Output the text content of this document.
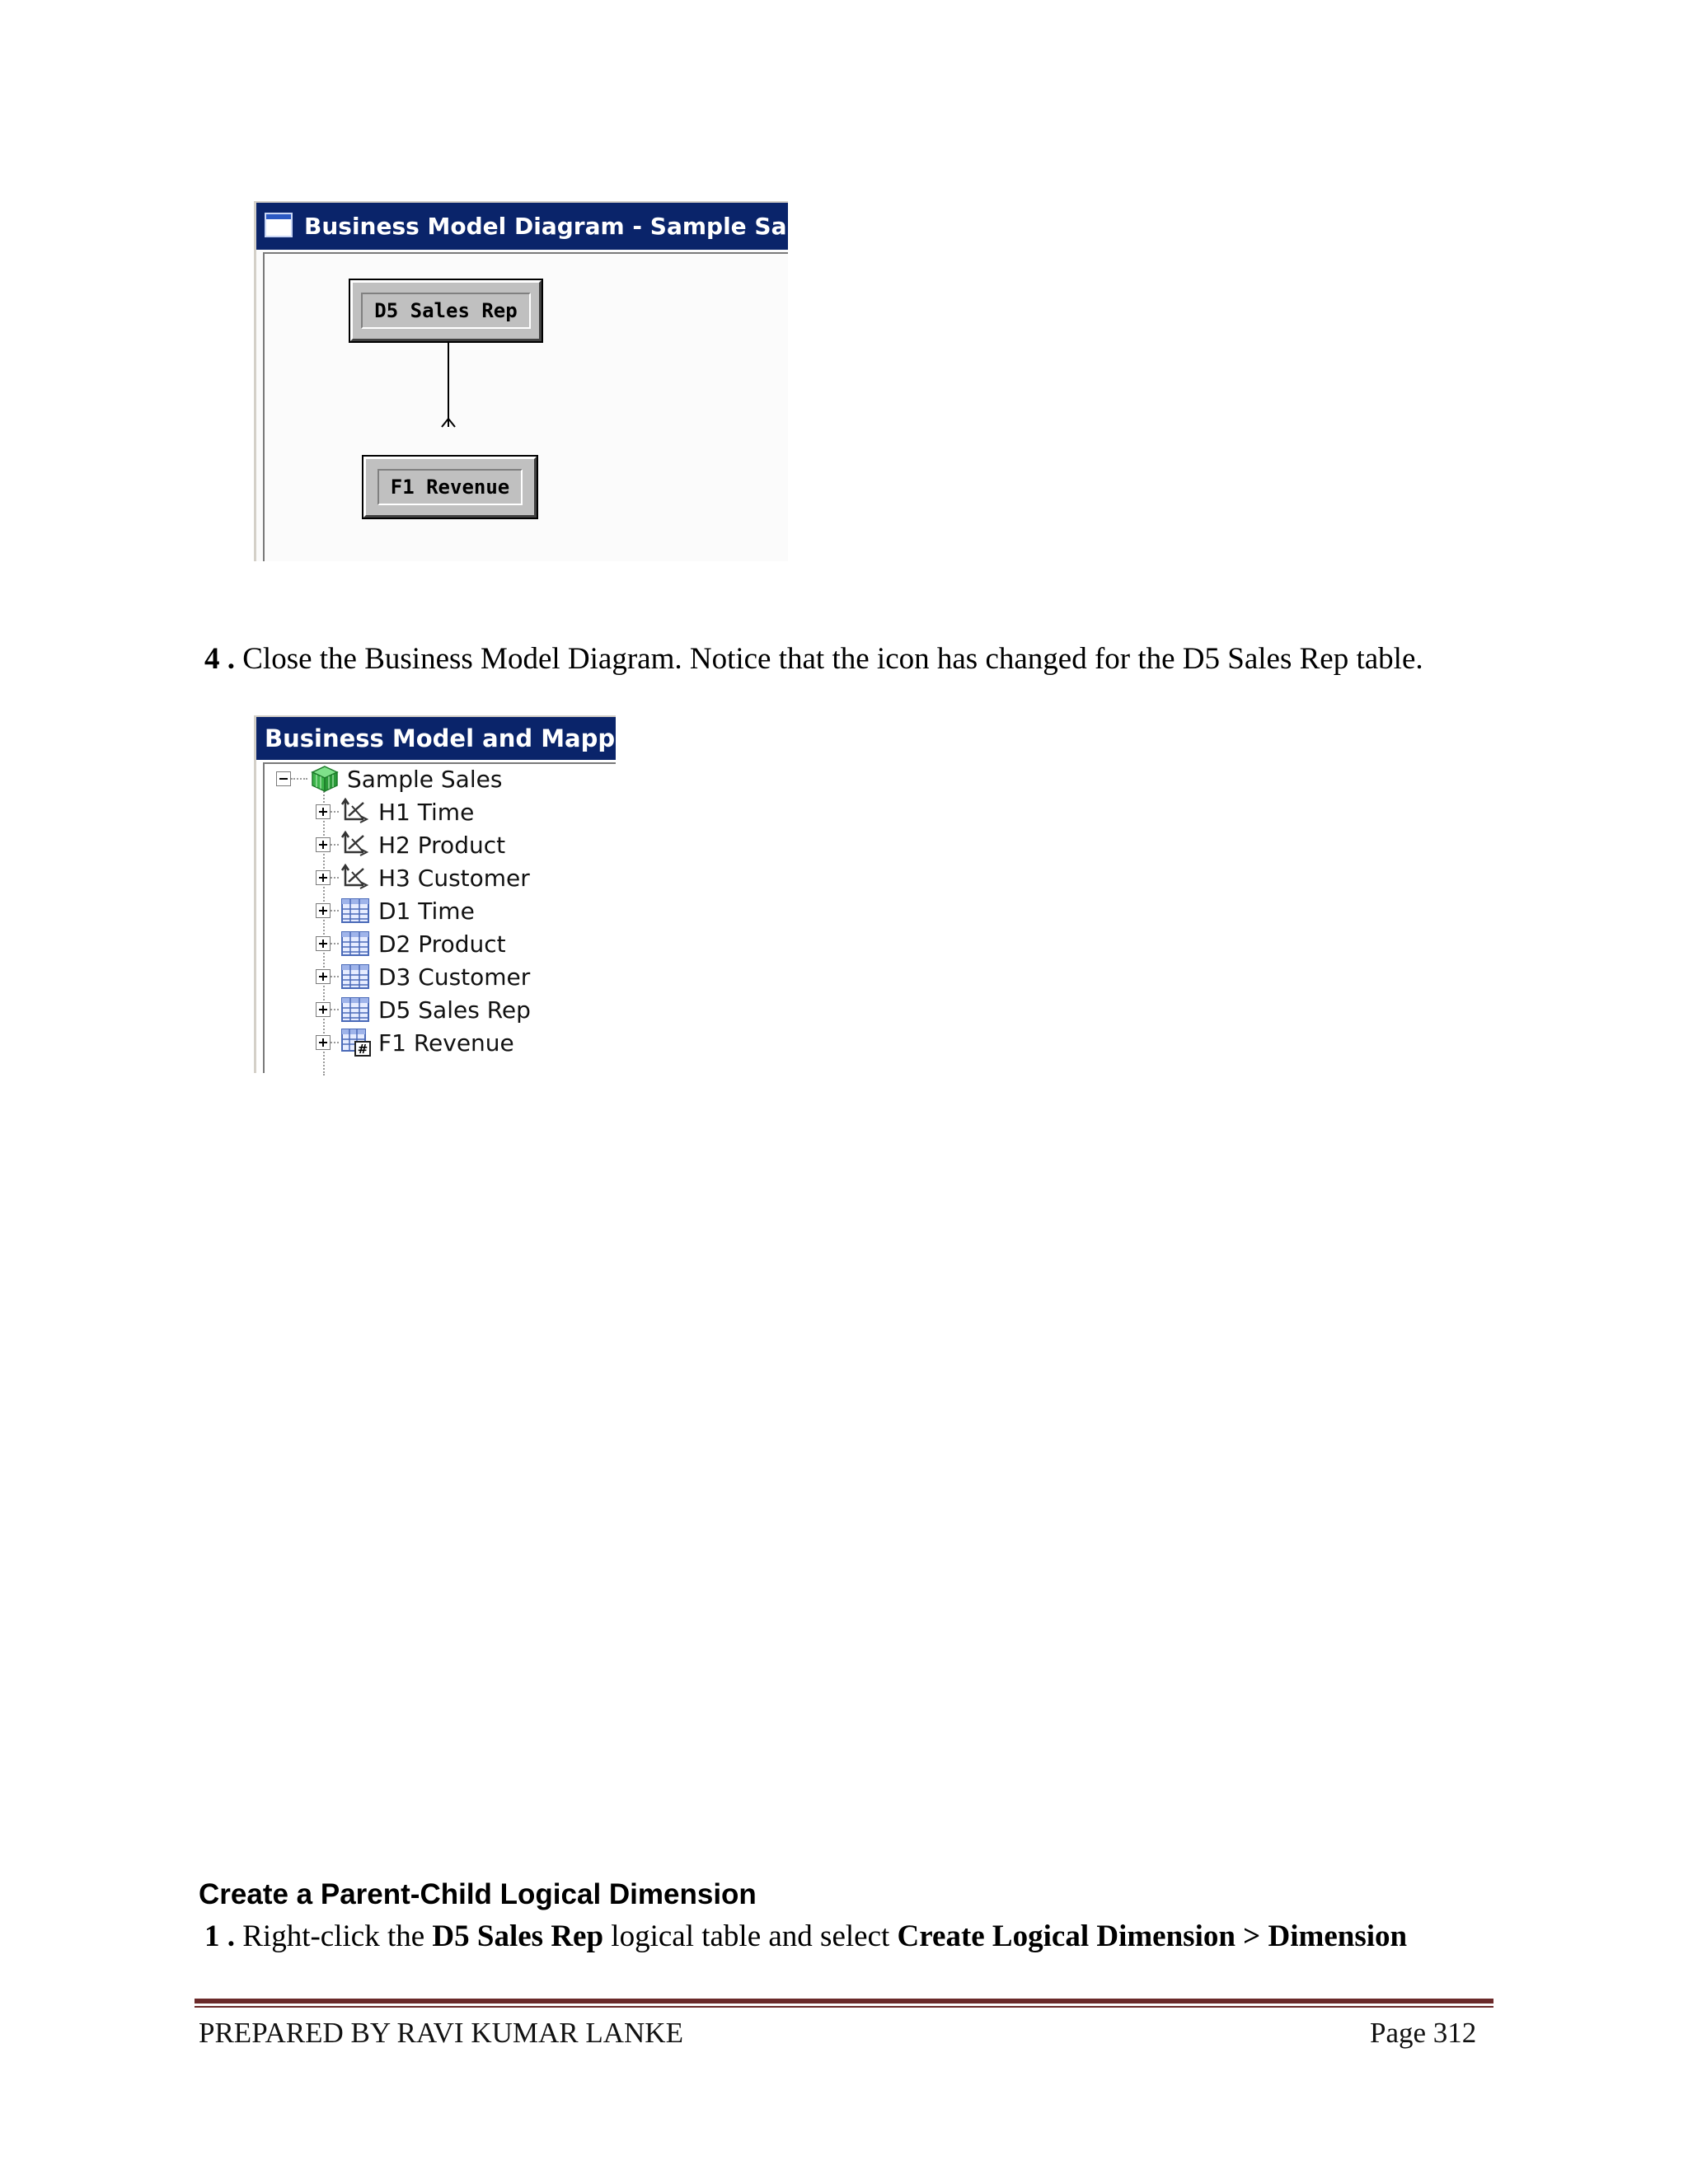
Business Model Diagram - Sample Sales
D5 Sales Rep
F1 Revenue
4 . Close the Business Model Diagram. Notice that the icon has changed for the D5 Sales Rep table.
Business Model and Mapping
Sample Sales
H1 Time
H2 Product
H3 Customer
D1 Time
D2 Product
D3 Customer
D5 Sales Rep
# F1 Revenue
Create a Parent-Child Logical Dimension
1 . Right-click the D5 Sales Rep logical table and select Create Logical Dimension > Dimension
PREPARED BY RAVI KUMAR LANKE	Page 312
